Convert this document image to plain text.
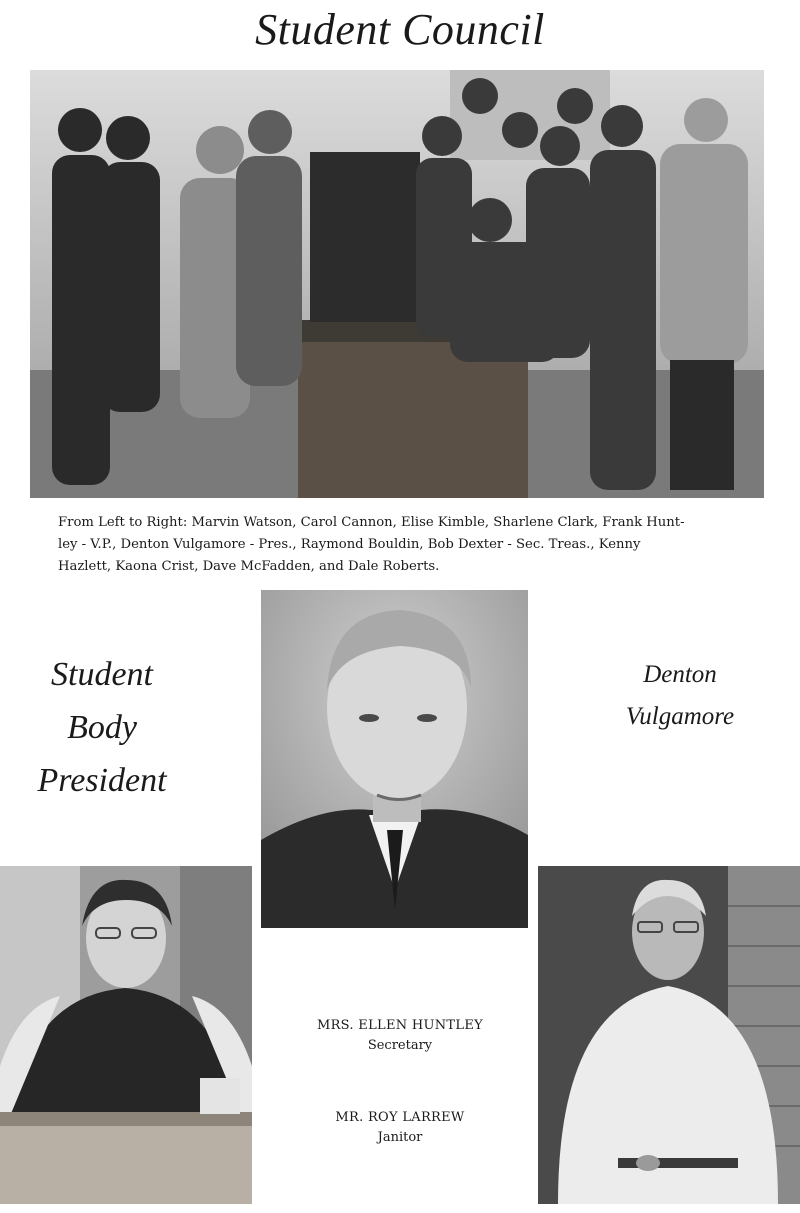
Student Council
From Left to Right: Marvin Watson, Carol Cannon, Elise Kimble, Sharlene Clark, Frank Hunt-
ley - V.P., Denton Vulgamore - Pres., Raymond Bouldin, Bob Dexter - Sec. Treas., Kenny
Hazlett, Kaona Crist, Dave McFadden, and Dale Roberts.
Student
Body
President
Denton
Vulgamore
MRS. ELLEN HUNTLEY
Secretary
MR. ROY LARREW
Janitor
